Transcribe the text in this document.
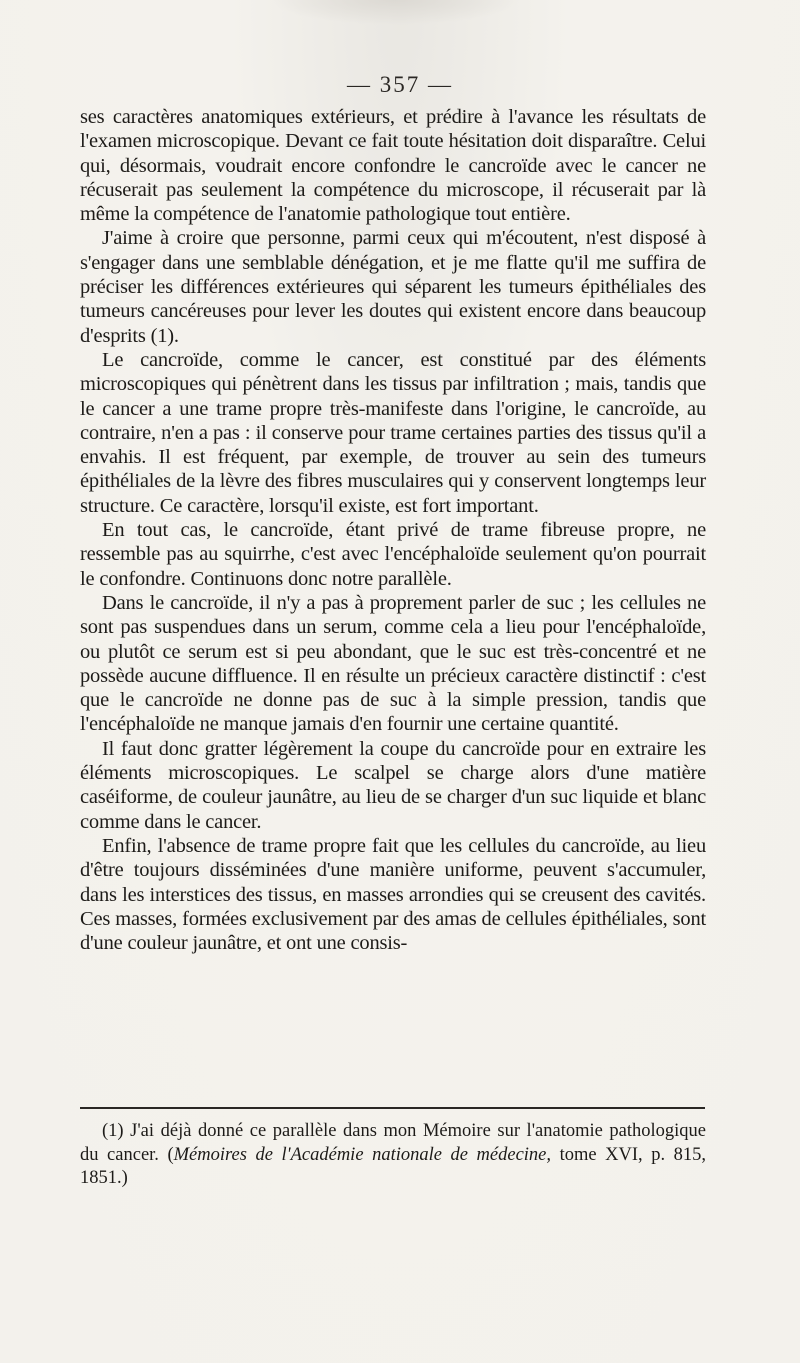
— 357 —

ses caractères anatomiques extérieurs, et prédire à l'avance les résultats de l'examen microscopique. Devant ce fait toute hésitation doit disparaître. Celui qui, désormais, voudrait encore confondre le cancroïde avec le cancer ne récuserait pas seulement la compétence du microscope, il récuserait par là même la compétence de l'anatomie pathologique tout entière.

J'aime à croire que personne, parmi ceux qui m'écoutent, n'est disposé à s'engager dans une semblable dénégation, et je me flatte qu'il me suffira de préciser les différences extérieures qui séparent les tumeurs épithéliales des tumeurs cancéreuses pour lever les doutes qui existent encore dans beaucoup d'esprits (1).

Le cancroïde, comme le cancer, est constitué par des éléments microscopiques qui pénètrent dans les tissus par infiltration ; mais, tandis que le cancer a une trame propre très-manifeste dans l'origine, le cancroïde, au contraire, n'en a pas : il conserve pour trame certaines parties des tissus qu'il a envahis. Il est fréquent, par exemple, de trouver au sein des tumeurs épithéliales de la lèvre des fibres musculaires qui y conservent longtemps leur structure. Ce caractère, lorsqu'il existe, est fort important.

En tout cas, le cancroïde, étant privé de trame fibreuse propre, ne ressemble pas au squirrhe, c'est avec l'encéphaloïde seulement qu'on pourrait le confondre. Continuons donc notre parallèle.

Dans le cancroïde, il n'y a pas à proprement parler de suc ; les cellules ne sont pas suspendues dans un serum, comme cela a lieu pour l'encéphaloïde, ou plutôt ce serum est si peu abondant, que le suc est très-concentré et ne possède aucune diffluence. Il en résulte un précieux caractère distinctif : c'est que le cancroïde ne donne pas de suc à la simple pression, tandis que l'encéphaloïde ne manque jamais d'en fournir une certaine quantité.

Il faut donc gratter légèrement la coupe du cancroïde pour en extraire les éléments microscopiques. Le scalpel se charge alors d'une matière caséiforme, de couleur jaunâtre, au lieu de se charger d'un suc liquide et blanc comme dans le cancer.

Enfin, l'absence de trame propre fait que les cellules du cancroïde, au lieu d'être toujours disséminées d'une manière uniforme, peuvent s'accumuler, dans les interstices des tissus, en masses arrondies qui se creusent des cavités. Ces masses, formées exclusivement par des amas de cellules épithéliales, sont d'une couleur jaunâtre, et ont une consis-

(1) J'ai déjà donné ce parallèle dans mon Mémoire sur l'anatomie pathologique du cancer. (Mémoires de l'Académie nationale de médecine, tome XVI, p. 815, 1851.)
